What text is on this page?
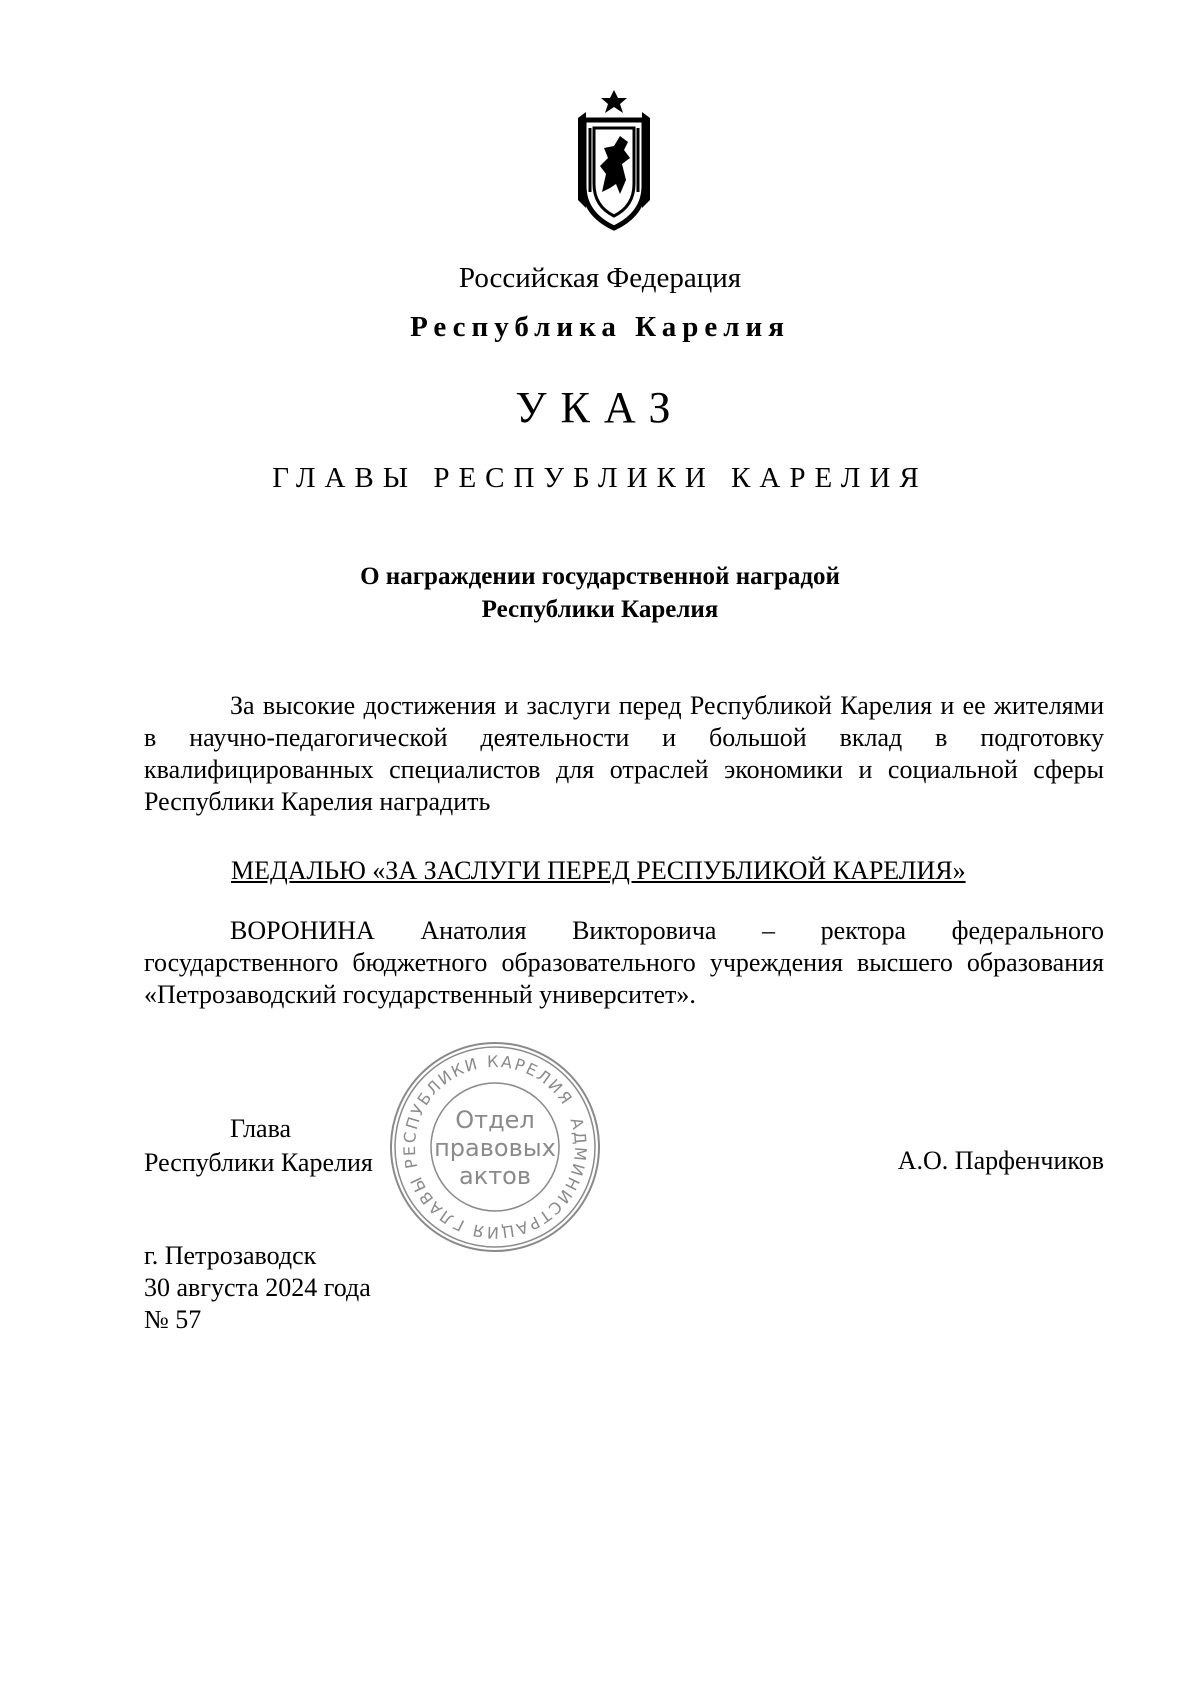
Российская Федерация
Республика Карелия
УКАЗ
ГЛАВЫ РЕСПУБЛИКИ КАРЕЛИЯ
О награждении государственной наградой
Республики Карелия

За высокие достижения и заслуги перед Республикой Карелия и ее жителями в научно-педагогической деятельности и большой вклад в подготовку квалифицированных специалистов для отраслей экономики и социальной сферы Республики Карелия наградить

МЕДАЛЬЮ «ЗА ЗАСЛУГИ ПЕРЕД РЕСПУБЛИКОЙ КАРЕЛИЯ»

ВОРОНИНА Анатолия Викторовича – ректора федерального государственного бюджетного образовательного учреждения высшего образования «Петрозаводский государственный университет».

Глава
Республики Карелия	А.О. Парфенчиков
АДМИНИСТРАЦИЯ ГЛАВЫ РЕСПУБЛИКИ КАРЕЛИЯ
Отдел
правовых
актов
г. Петрозаводск
30 августа 2024 года
№ 57
